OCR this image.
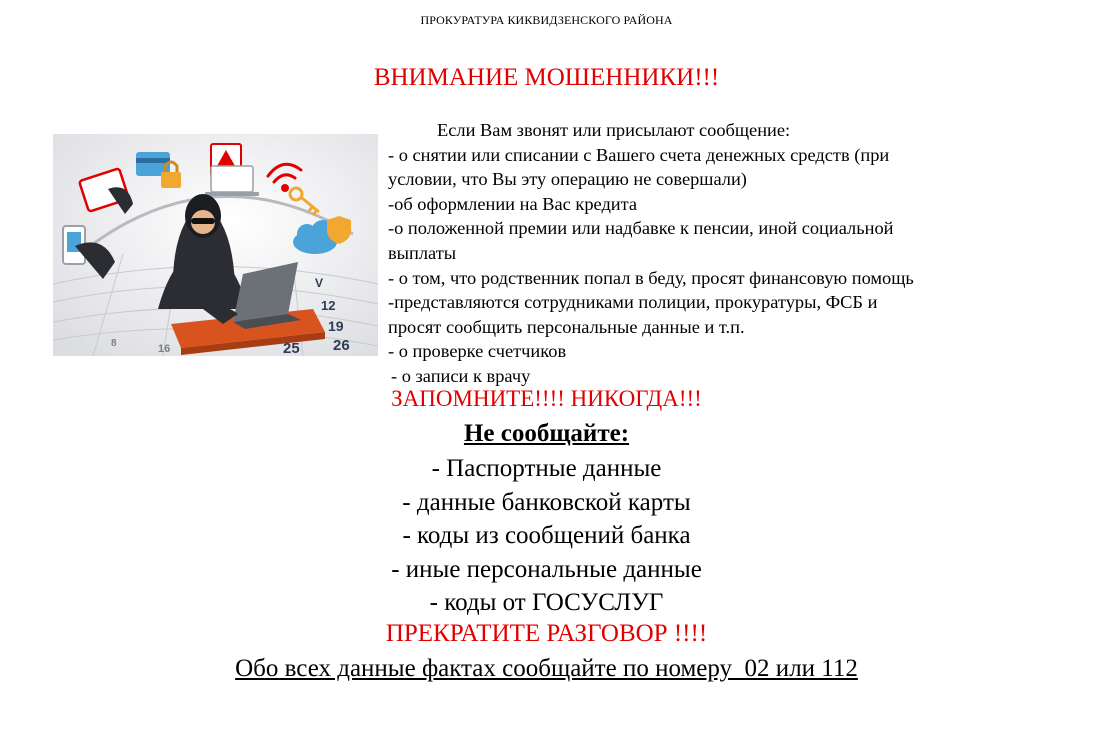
ПРОКУРАТУРА КИКВИДЗЕНСКОГО РАЙОНА
ВНИМАНИЕ МОШЕННИКИ!!!
V
12
19
26
25
16
8
Если Вам звонят или присылают сообщение:
- о снятии или списании с Вашего счета денежных средств (при
условии, что Вы эту операцию не совершали)
-об оформлении на Вас кредита
-о положенной премии или надбавке к пенсии, иной социальной
выплаты
- о том, что родственник попал в беду, просят финансовую помощь
-представляются сотрудниками полиции, прокуратуры, ФСБ и
просят сообщить персональные данные и т.п.
- о проверке счетчиков
- о записи к врачу
ЗАПОМНИТЕ!!!! НИКОГДА!!!
Не сообщайте:
- Паспортные данные
- данные банковской карты
- коды из сообщений банка
- иные персональные данные
- коды от ГОСУСЛУГ
ПРЕКРАТИТЕ РАЗГОВОР !!!!
Обо всех данные фактах сообщайте по номеру  02 или 112
